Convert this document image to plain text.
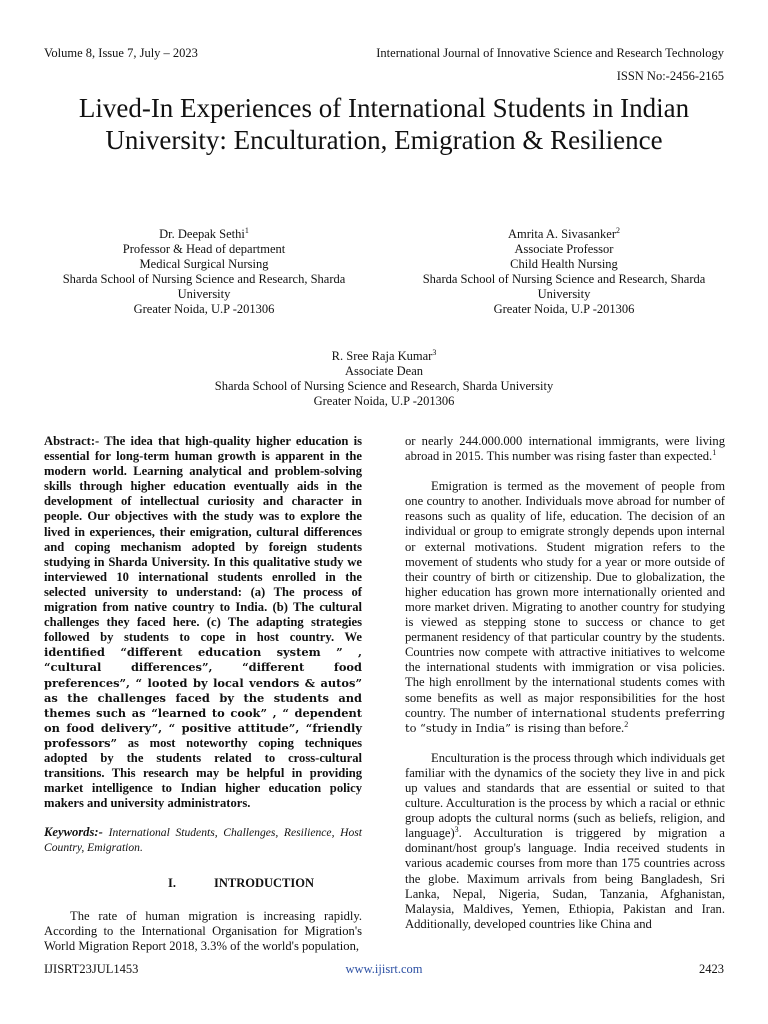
Volume 8, Issue 7, July – 2023	International Journal of Innovative Science and Research Technology
ISSN No:-2456-2165
Lived-In Experiences of International Students in Indian University: Enculturation, Emigration & Resilience
Dr. Deepak Sethi$^1$
Professor & Head of department
Medical Surgical Nursing
Sharda School of Nursing Science and Research, Sharda University
Greater Noida, U.P -201306
Amrita A. Sivasanker$^2$
Associate Professor
Child Health Nursing
Sharda School of Nursing Science and Research, Sharda University
Greater Noida, U.P -201306
R. Sree Raja Kumar$^3$
Associate Dean
Sharda School of Nursing Science and Research, Sharda University
Greater Noida, U.P -201306

Abstract:- The idea that high-quality higher education is essential for long-term human growth is apparent in the modern world. Learning analytical and problem-solving skills through higher education eventually aids in the development of intellectual curiosity and character in people. Our objectives with the study was to explore the lived in experiences, their emigration, cultural differences and coping mechanism adopted by foreign students studying in Sharda University. In this qualitative study we interviewed 10 international students enrolled in the selected university to understand: (a) The process of migration from native country to India. (b) The cultural challenges they faced here. (c) The adapting strategies followed by students to cope in host country. We identified “different education system ” , “cultural differences”, “different food preferences”, “ looted by local vendors & autos” as the challenges faced by the students and themes such as “learned to cook” , “ dependent on food delivery”, “ positive attitude”, “friendly professors” as most noteworthy coping techniques adopted by the students related to cross-cultural transitions. This research may be helpful in providing market intelligence to Indian higher education policy makers and university administrators.

Keywords:- International Students, Challenges, Resilience, Host Country, Emigration.

I.	INTRODUCTION

The rate of human migration is increasing rapidly. According to the International Organisation for Migration's World Migration Report 2018, 3.3% of the world's population,

or nearly 244.000.000 international immigrants, were living abroad in 2015. This number was rising faster than expected.$^1$

Emigration is termed as the movement of people from one country to another. Individuals move abroad for number of reasons such as quality of life, education. The decision of an individual or group to emigrate strongly depends upon internal or external motivations. Student migration refers to the movement of students who study for a year or more outside of their country of birth or citizenship. Due to globalization, the higher education has grown more internationally oriented and more market driven. Migrating to another country for studying is viewed as stepping stone to success or chance to get permanent residency of that particular country by the students. Countries now compete with attractive initiatives to welcome the international students with immigration or visa policies. The high enrollment by the international students comes with some benefits as well as major responsibilities for the host country. The number of international students preferring to “study in India” is rising than before.$^2$

Enculturation is the process through which individuals get familiar with the dynamics of the society they live in and pick up values and standards that are essential or suited to that culture. Acculturation is the process by which a racial or ethnic group adopts the cultural norms (such as beliefs, religion, and language)$^3$. Acculturation is triggered by migration a dominant/host group's language. India received students in various academic courses from more than 175 countries across the globe. Maximum arrivals from being Bangladesh, Sri Lanka, Nepal, Nigeria, Sudan, Tanzania, Afghanistan, Malaysia, Maldives, Yemen, Ethiopia, Pakistan and Iran. Additionally, developed countries like China and

IJISRT23JUL1453	www.ijisrt.com	2423
